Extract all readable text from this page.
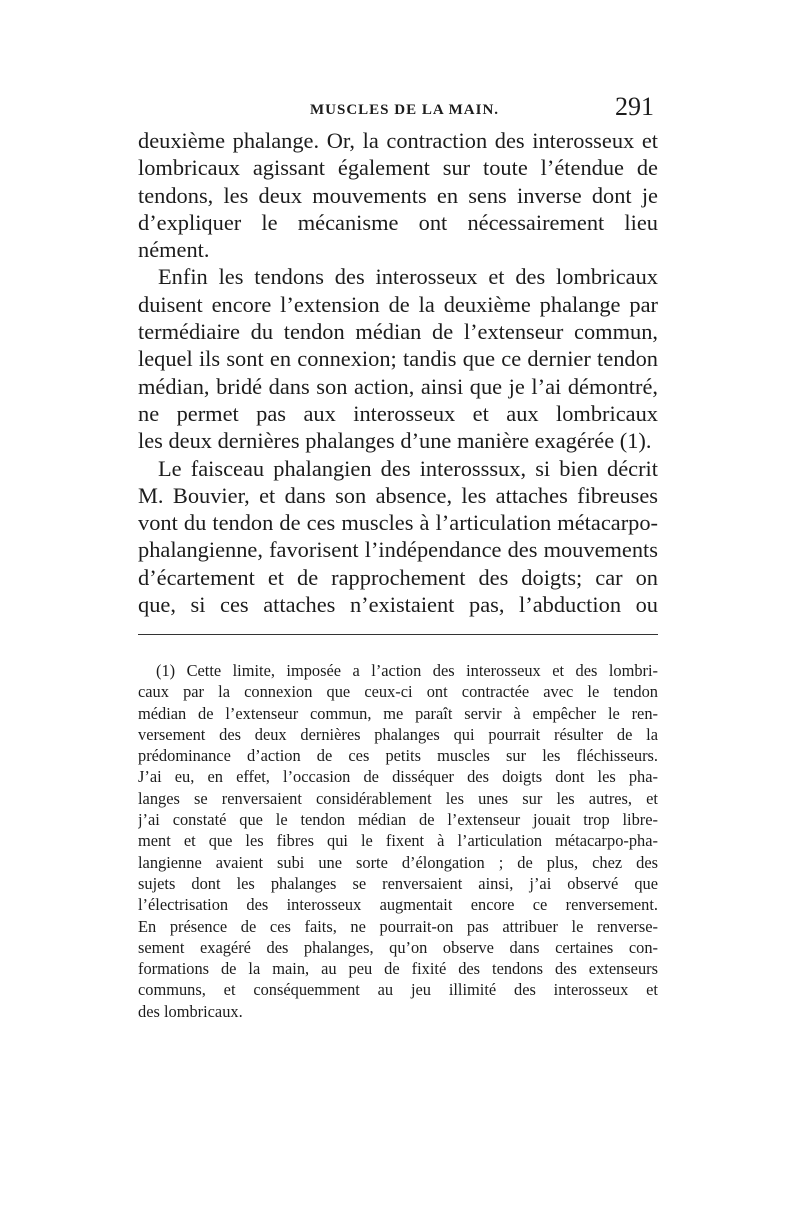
MUSCLES DE LA MAIN.	291
deuxième phalange. Or, la contraction des interosseux et
lombricaux agissant également sur toute l’étendue de
tendons, les deux mouvements en sens inverse dont je
d’expliquer le mécanisme ont nécessairement lieu
nément.
Enfin les tendons des interosseux et des lombricaux
duisent encore l’extension de la deuxième phalange par
termédiaire du tendon médian de l’extenseur commun,
lequel ils sont en connexion; tandis que ce dernier tendon
médian, bridé dans son action, ainsi que je l’ai démontré,
ne permet pas aux interosseux et aux lombricaux
les deux dernières phalanges d’une manière exagérée (1).
Le faisceau phalangien des interosssux, si bien décrit
M. Bouvier, et dans son absence, les attaches fibreuses
vont du tendon de ces muscles à l’articulation métacarpo-
phalangienne, favorisent l’indépendance des mouvements
d’écartement et de rapprochement des doigts; car on
que, si ces attaches n’existaient pas, l’abduction ou
(1) Cette limite, imposée a l’action des interosseux et des lombri-
caux par la connexion que ceux-ci ont contractée avec le tendon
médian de l’extenseur commun, me paraît servir à empêcher le ren-
versement des deux dernières phalanges qui pourrait résulter de la
prédominance d’action de ces petits muscles sur les fléchisseurs.
J’ai eu, en effet, l’occasion de disséquer des doigts dont les pha-
langes se renversaient considérablement les unes sur les autres, et
j’ai constaté que le tendon médian de l’extenseur jouait trop libre-
ment et que les fibres qui le fixent à l’articulation métacarpo-pha-
langienne avaient subi une sorte d’élongation ; de plus, chez des
sujets dont les phalanges se renversaient ainsi, j’ai observé que
l’électrisation des interosseux augmentait encore ce renversement.
En présence de ces faits, ne pourrait-on pas attribuer le renverse-
sement exagéré des phalanges, qu’on observe dans certaines con-
formations de la main, au peu de fixité des tendons des extenseurs
communs, et conséquemment au jeu illimité des interosseux et
des lombricaux.
